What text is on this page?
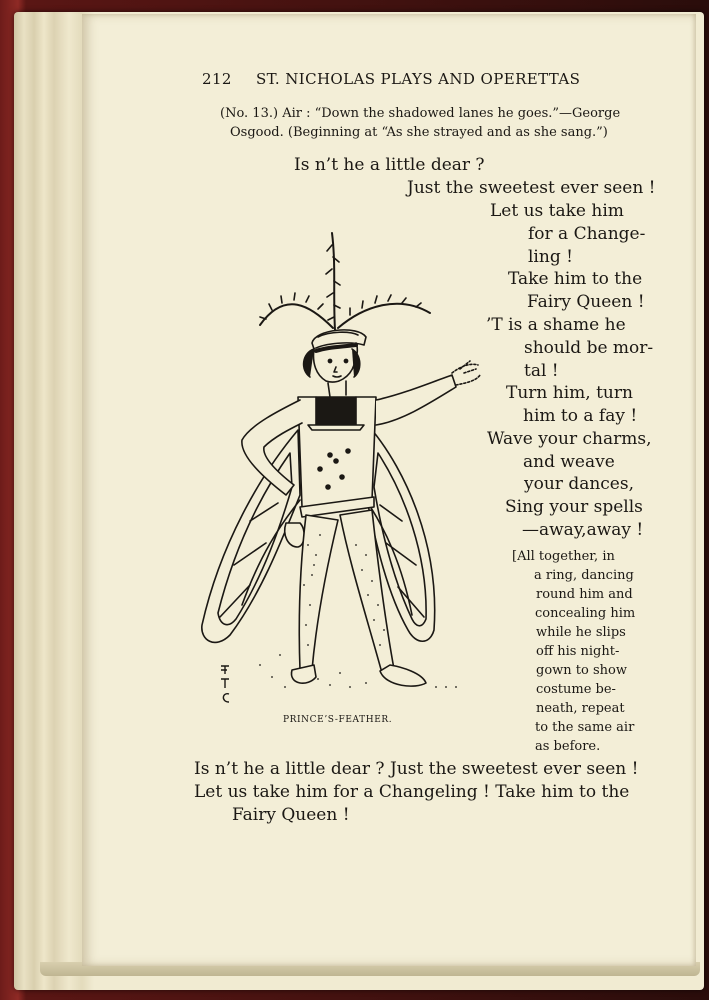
212 ST. NICHOLAS PLAYS AND OPERETTAS
(No. 13.) Air : “Down the shadowed lanes he goes.”—George
Osgood. (Beginning at “As she strayed and as she sang.”)
Is n’t he a little dear ?
Just the sweetest ever seen !
Let us take him
for a Change-
ling !
Take him to the
Fairy Queen !
’T is a shame he
should be mor-
tal !
Turn him, turn
him to a fay !
Wave your charms,
and weave
your dances,
Sing your spells
—away,away !
[All together, in
a ring, dancing
round him and
concealing him
while he slips
off his night-
gown to show
costume be-
neath, repeat
to the same air
as before.
PRINCE’S-FEATHER.
Is n’t he a little dear ? Just the sweetest ever seen !
Let us take him for a Changeling ! Take him to the
Fairy Queen !
